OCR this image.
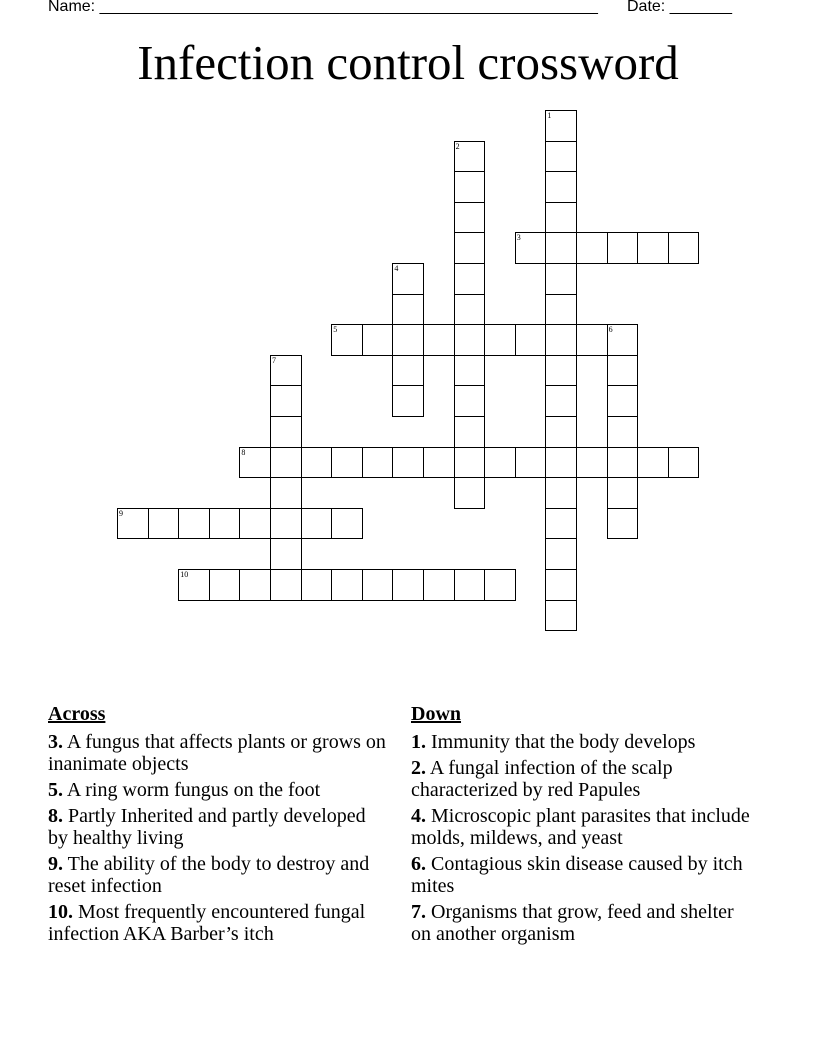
Name: ________________________________________________________ Date: _______
Infection control crossword
1
2
3
4
5	6
7
8
9
10
Across
3. A fungus that affects plants or grows on inanimate objects
5. A ring worm fungus on the foot
8. Partly Inherited and partly developed by healthy living
9. The ability of the body to destroy and reset infection
10. Most frequently encountered fungal infection AKA Barber’s itch
Down
1. Immunity that the body develops
2. A fungal infection of the scalp characterized by red Papules
4. Microscopic plant parasites that include molds, mildews, and yeast
6. Contagious skin disease caused by itch mites
7. Organisms that grow, feed and shelter on another organism
